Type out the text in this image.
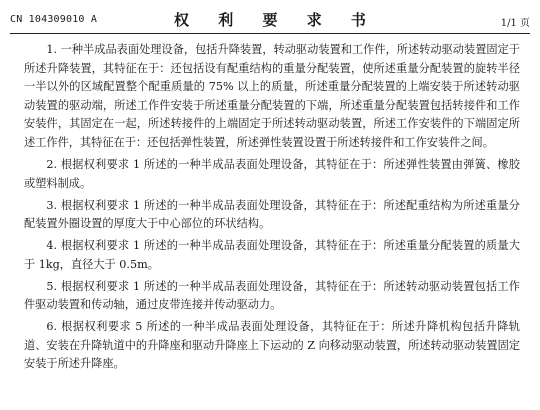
CN 104309010 A	权 利 要 求 书	1/1 页

1. 一种半成品表面处理设备，包括升降装置，转动驱动装置和工作件，所述转动驱动装置固定于所述升降装置，其特征在于：还包括设有配重结构的重量分配装置，使所述重量分配装置的旋转半径一半以外的区域配置整个配重质量的 75% 以上的质量，所述重量分配装置的上端安装于所述转动驱动装置的驱动端，所述工作件安装于所述重量分配装置的下端，所述重量分配装置包括转接件和工作安装件，其固定在一起，所述转接件的上端固定于所述转动驱动装置，所述工作安装件的下端固定所述工作件，其特征在于：还包括弹性装置，所述弹性装置设置于所述转接件和工作安装件之间。

2. 根据权利要求 1 所述的一种半成品表面处理设备，其特征在于：所述弹性装置由弹簧、橡胶或塑料制成。

3. 根据权利要求 1 所述的一种半成品表面处理设备，其特征在于：所述配重结构为所述重量分配装置外圈设置的厚度大于中心部位的环状结构。

4. 根据权利要求 1 所述的一种半成品表面处理设备，其特征在于：所述重量分配装置的质量大于 1kg，直径大于 0.5m。

5. 根据权利要求 1 所述的一种半成品表面处理设备，其特征在于：所述转动驱动装置包括工作件驱动装置和传动轴，通过皮带连接并传动驱动力。

6. 根据权利要求 5 所述的一种半成品表面处理设备，其特征在于：所述升降机构包括升降轨道、安装在升降轨道中的升降座和驱动升降座上下运动的 Z 向移动驱动装置，所述转动驱动装置固定安装于所述升降座。
